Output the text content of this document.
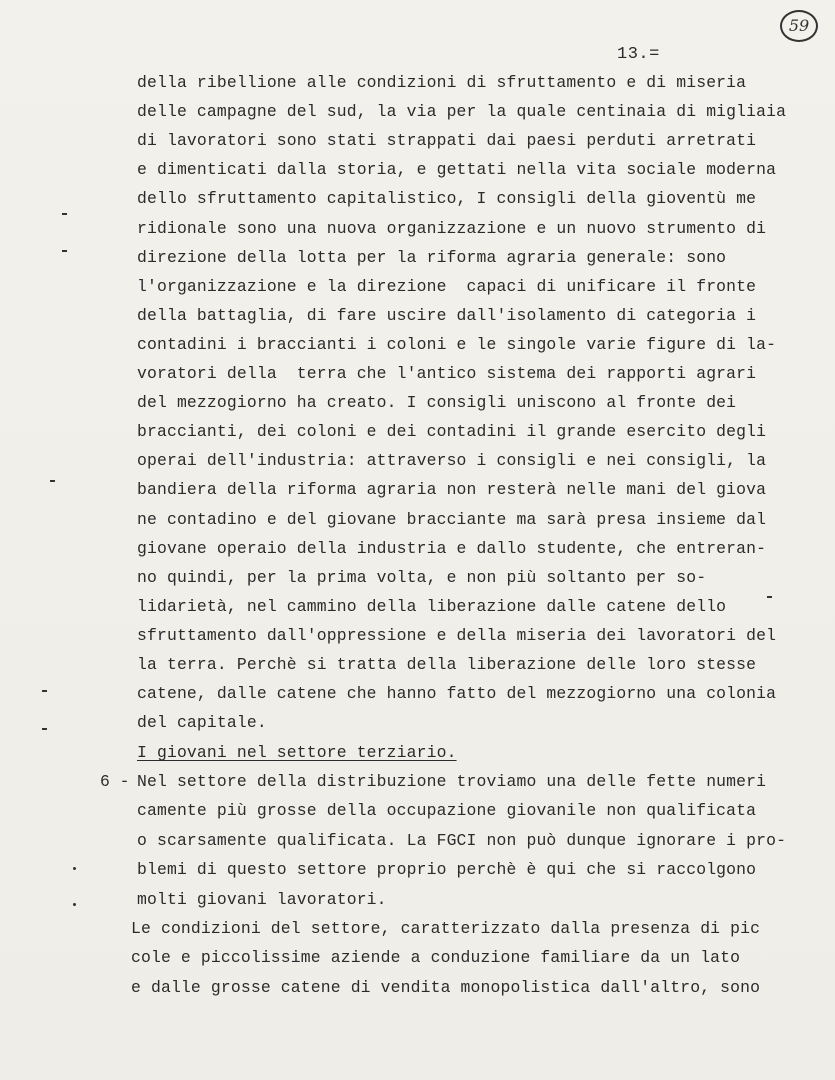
59
13.=
della ribellione alle condizioni di sfruttamento e di miseria
delle campagne del sud, la via per la quale centinaia di migliaia
di lavoratori sono stati strappati dai paesi perduti arretrati
e dimenticati dalla storia, e gettati nella vita sociale moderna
dello sfruttamento capitalistico, I consigli della gioventù me
ridionale sono una nuova organizzazione e un nuovo strumento di
direzione della lotta per la riforma agraria generale: sono
l'organizzazione e la direzione  capaci di unificare il fronte
della battaglia, di fare uscire dall'isolamento di categoria i
contadini i braccianti i coloni e le singole varie figure di la-
voratori della  terra che l'antico sistema dei rapporti agrari
del mezzogiorno ha creato. I consigli uniscono al fronte dei
braccianti, dei coloni e dei contadini il grande esercito degli
operai dell'industria: attraverso i consigli e nei consigli, la
bandiera della riforma agraria non resterà nelle mani del giova
ne contadino e del giovane bracciante ma sarà presa insieme dal
giovane operaio della industria e dallo studente, che entreran-
no quindi, per la prima volta, e non più soltanto per so-
lidarietà, nel cammino della liberazione dalle catene dello
sfruttamento dall'oppressione e della miseria dei lavoratori del
la terra. Perchè si tratta della liberazione delle loro stesse
catene, dalle catene che hanno fatto del mezzogiorno una colonia
del capitale.
I giovani nel settore terziario.
6 - Nel settore della distribuzione troviamo una delle fette numeri
camente più grosse della occupazione giovanile non qualificata
o scarsamente qualificata. La FGCI non può dunque ignorare i pro-
blemi di questo settore proprio perchè è qui che si raccolgono
molti giovani lavoratori.
Le condizioni del settore, caratterizzato dalla presenza di pic
cole e piccolissime aziende a conduzione familiare da un lato
e dalle grosse catene di vendita monopolistica dall'altro, sono
